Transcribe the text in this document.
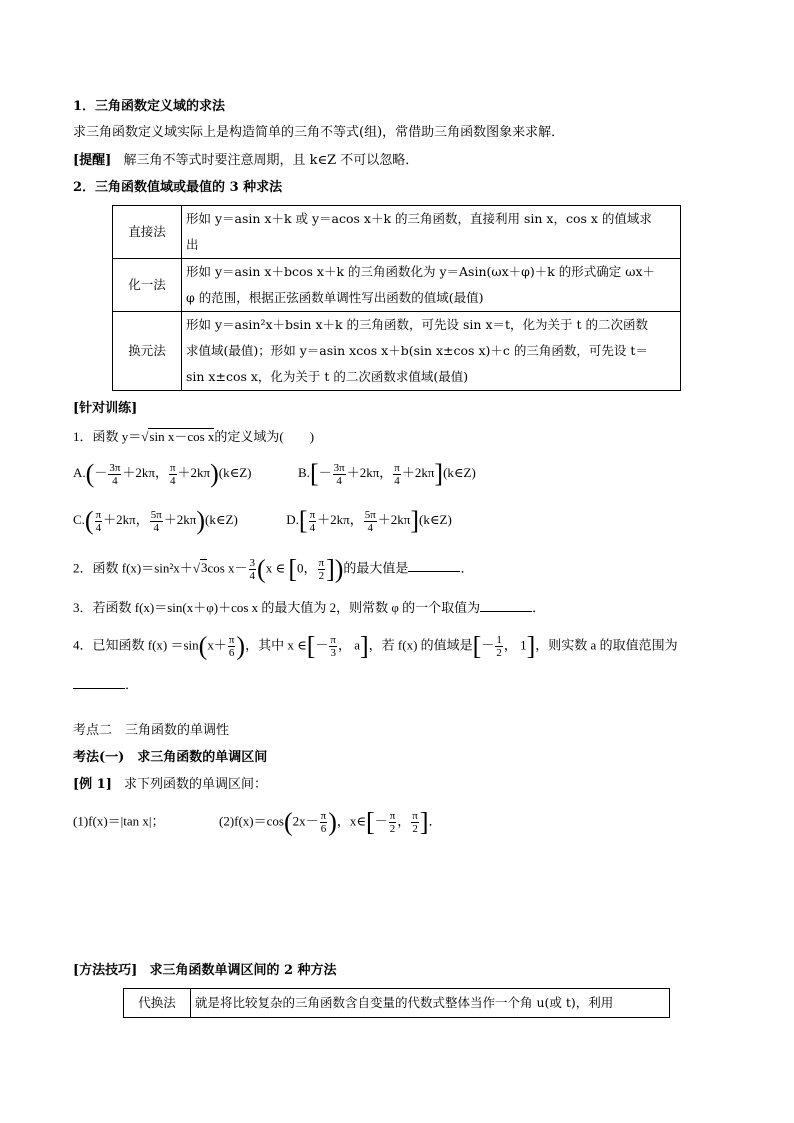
1．三角函数定义域的求法
求三角函数定义域实际上是构造简单的三角不等式(组)，常借助三角函数图象来求解．
[提醒] 解三角不等式时要注意周期，且 k∈Z 不可以忽略．
2．三角函数值域或最值的 3 种求法
直接法	形如 y＝asin x＋k 或 y＝acos x＋k 的三角函数，直接利用 sin x，cos x 的值域求
出

化一法	形如 y＝asin x＋bcos x＋k 的三角函数化为 y＝Asin(ωx＋φ)＋k 的形式确定 ωx＋
φ 的范围，根据正弦函数单调性写出函数的值域(最值)

换元法	形如 y＝asin²x＋bsin x＋k 的三角函数，可先设 sin x＝t，化为关于 t 的二次函数
求值域(最值)；形如 y＝asin xcos x＋b(sin x±cos x)＋c 的三角函数，可先设 t＝
sin x±cos x，化为关于 t 的二次函数求值域(最值)
[针对训练]
1．函数 y＝√sin x－cos x的定义域为(　　)
$A.(- \frac{3\pi}{4} +2k\pi$， $\frac{\pi}{4}$ ＋2kπ)(k∈Z)	$B.[- \frac{3\pi}{4} +2k\pi$， $\frac{\pi}{4}$ ＋2kπ](k∈Z)
$C.( \frac{\pi}{4} +2k\pi$， $\frac{5\pi}{4}$ ＋2kπ)(k∈Z)	$D.[ \frac{\pi}{4} +2k\pi$， $\frac{5\pi}{4}$ ＋2kπ](k∈Z)
2．函数 f(x)＝sin²x＋√3cos $x- \frac{3}{4} (x$ ∈ [0， $\frac{\pi}{2}$ ])的最大值是	．
3．若函数 f(x)＝sin(x＋φ)＋cos x 的最大值为 2，则常数 φ 的一个取值为	．
4．已知函数 $f(x) =\sin(x+ \frac{\pi}{6}$ )，其中 x ∈[－ $\frac{\pi}{3}$ ， a]，若 f(x) 的值域是[－ $\frac{1}{2}$ ， 1]，则实数 a 的取值范围为
．
考点二　三角函数的单调性
考法(一)　求三角函数的单调区间
[例 1] 求下列函数的单调区间：
(1)f(x)＝|tan x|；	$(2)f(x)=\cos(2x- \frac{\pi}{6}$ )，x∈[－ $\frac{\pi}{2}$ ， $\frac{\pi}{2}$ ]．
[方法技巧] 求三角函数单调区间的 2 种方法
代换法	就是将比较复杂的三角函数含自变量的代数式整体当作一个角 u(或 t)，利用
